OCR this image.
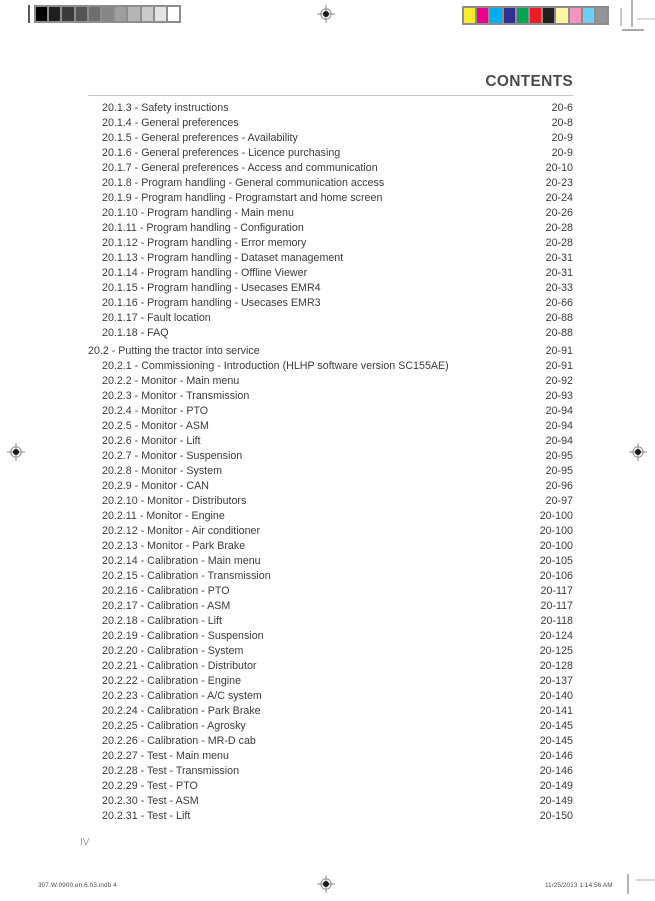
CONTENTS
20.1.3 - Safety instructions	20-6
20.1.4 - General preferences	20-8
20.1.5 - General preferences - Availability	20-9
20.1.6 - General preferences - Licence purchasing	20-9
20.1.7 - General preferences - Access and communication	20-10
20.1.8 - Program handling - General communication access	20-23
20.1.9 - Program handling - Programstart and home screen	20-24
20.1.10 - Program handling - Main menu	20-26
20.1.11 - Program handling - Configuration	20-28
20.1.12 - Program handling - Error memory	20-28
20.1.13 - Program handling - Dataset management	20-31
20.1.14 - Program handling - Offline Viewer	20-31
20.1.15 - Program handling - Usecases EMR4	20-33
20.1.16 - Program handling - Usecases EMR3	20-66
20.1.17 - Fault location	20-88
20.1.18 - FAQ	20-88
20.2 - Putting the tractor into service	20-91
20.2.1 - Commissioning - Introduction (HLHP software version SC155AE)	20-91
20.2.2 - Monitor - Main menu	20-92
20.2.3 - Monitor - Transmission	20-93
20.2.4 - Monitor - PTO	20-94
20.2.5 - Monitor - ASM	20-94
20.2.6 - Monitor - Lift	20-94
20.2.7 - Monitor - Suspension	20-95
20.2.8 - Monitor - System	20-95
20.2.9 - Monitor - CAN	20-96
20.2.10 - Monitor - Distributors	20-97
20.2.11 - Monitor - Engine	20-100
20.2.12 - Monitor - Air conditioner	20-100
20.2.13 - Monitor - Park Brake	20-100
20.2.14 - Calibration - Main menu	20-105
20.2.15 - Calibration - Transmission	20-106
20.2.16 - Calibration - PTO	20-117
20.2.17 - Calibration - ASM	20-117
20.2.18 - Calibration - Lift	20-118
20.2.19 - Calibration - Suspension	20-124
20.2.20 - Calibration - System	20-125
20.2.21 - Calibration - Distributor	20-128
20.2.22 - Calibration - Engine	20-137
20.2.23 - Calibration - A/C system	20-140
20.2.24 - Calibration - Park Brake	20-141
20.2.25 - Calibration - Agrosky	20-145
20.2.26 - Calibration - MR-D cab	20-145
20.2.27 - Test - Main menu	20-146
20.2.28 - Test - Transmission	20-146
20.2.29 - Test - PTO	20-149
20.2.30 - Test - ASM	20-149
20.2.31 - Test - Lift	20-150
IV
307.W.0900.en.6.03.indb 4	11/25/2013 1:14:56 AM
